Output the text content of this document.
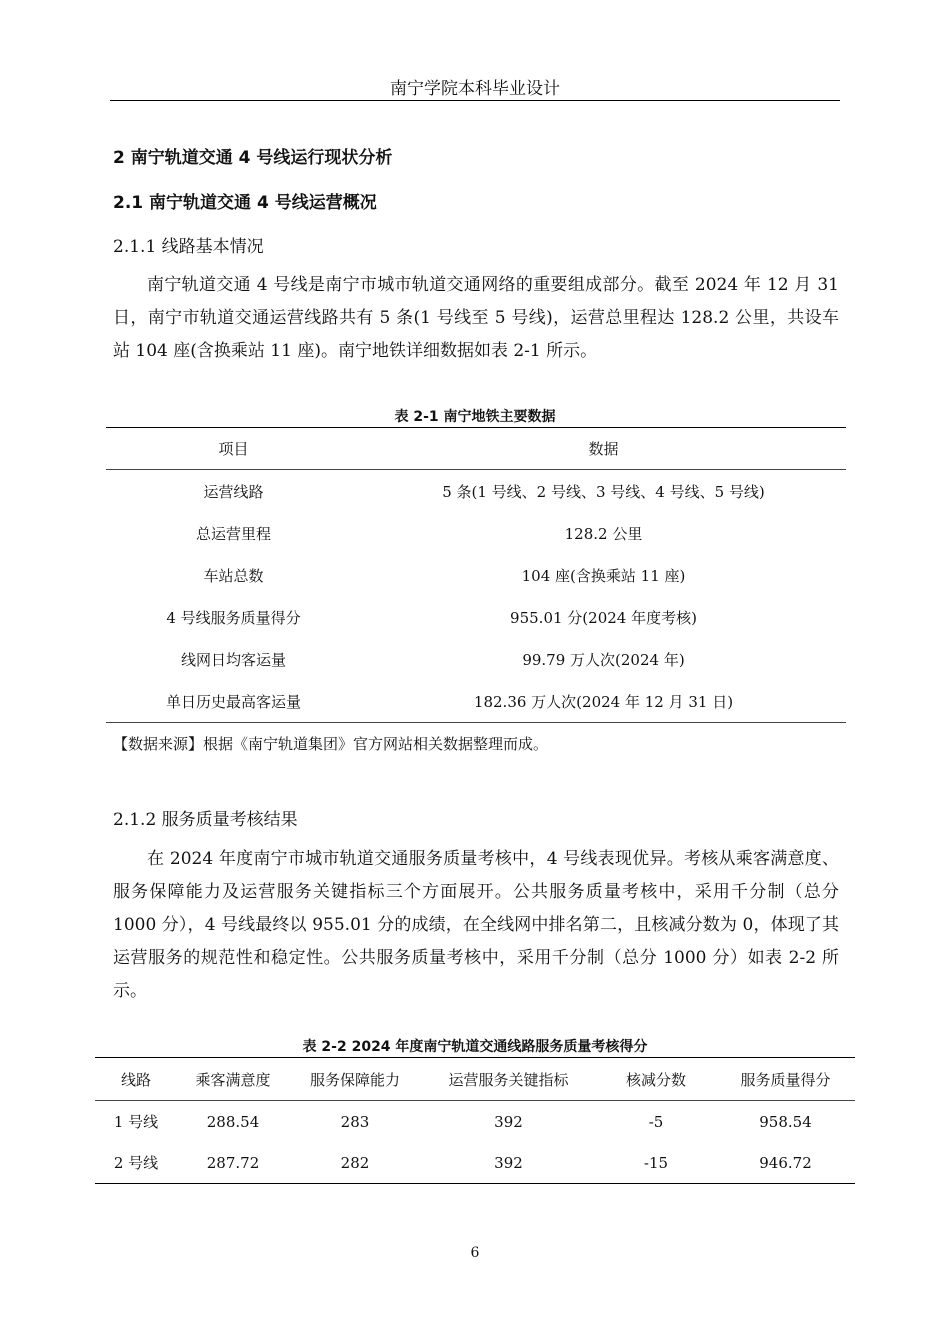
南宁学院本科毕业设计
2 南宁轨道交通 4 号线运行现状分析
2.1 南宁轨道交通 4 号线运营概况
2.1.1 线路基本情况
南宁轨道交通 4 号线是南宁市城市轨道交通网络的重要组成部分。截至 2024 年 12 月 31 日，南宁市轨道交通运营线路共有 5 条(1 号线至 5 号线)，运营总里程达 128.2 公里，共设车站 104 座(含换乘站 11 座)。南宁地铁详细数据如表 2-1 所示。
表 2-1 南宁地铁主要数据
项目	数据
运营线路	5 条(1 号线、2 号线、3 号线、4 号线、5 号线)
总运营里程	128.2 公里
车站总数	104 座(含换乘站 11 座)
4 号线服务质量得分	955.01 分(2024 年度考核)
线网日均客运量	99.79 万人次(2024 年)
单日历史最高客运量	182.36 万人次(2024 年 12 月 31 日)
【数据来源】根据《南宁轨道集团》官方网站相关数据整理而成。
2.1.2 服务质量考核结果
在 2024 年度南宁市城市轨道交通服务质量考核中，4 号线表现优异。考核从乘客满意度、服务保障能力及运营服务关键指标三个方面展开。公共服务质量考核中，采用千分制（总分 1000 分），4 号线最终以 955.01 分的成绩，在全线网中排名第二，且核减分数为 0，体现了其运营服务的规范性和稳定性。公共服务质量考核中，采用千分制（总分 1000 分）如表 2-2 所示。
表 2-2 2024 年度南宁轨道交通线路服务质量考核得分
线路	乘客满意度	服务保障能力	运营服务关键指标	核减分数	服务质量得分
1 号线	288.54	283	392	-5	958.54
2 号线	287.72	282	392	-15	946.72
6
